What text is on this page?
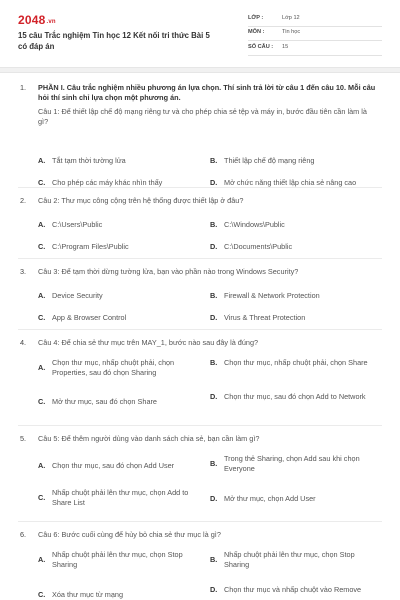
2048.vn
15 câu Trắc nghiệm Tin học 12 Kết nối tri thức Bài 5 có đáp án
LỚP :	Lớp 12
MÔN :	Tin học
SỐ CÂU :	15
1. PHẦN I. Câu trắc nghiệm nhiều phương án lựa chọn. Thí sinh trả lời từ câu 1 đến câu 10. Mỗi câu hỏi thí sinh chỉ lựa chọn một phương án.
Câu 1: Để thiết lập chế độ mạng riêng tư và cho phép chia sẻ tệp và máy in, bước đầu tiên cần làm là gì?
A. Tắt tạm thời tường lửa	B. Thiết lập chế độ mạng riêng
C. Cho phép các máy khác nhìn thấy	D. Mở chức năng thiết lập chia sẻ nâng cao
2. Câu 2: Thư mục công cộng trên hệ thống được thiết lập ở đâu?
A. C:\Users\Public	B. C:\Windows\Public
C. C:\Program Files\Public	D. C:\Documents\Public
3. Câu 3: Để tạm thời dừng tường lửa, bạn vào phần nào trong Windows Security?
A. Device Security	B. Firewall & Network Protection
C. App & Browser Control	D. Virus & Threat Protection
4. Câu 4: Để chia sẻ thư mục trên MAY_1, bước nào sau đây là đúng?
A.
Chọn thư mục, nhấp chuột phải, chọn Properties, sau đó chọn Sharing
B. Chọn thư mục, nhấp chuột phải, chọn Share
C. Mở thư mục, sau đó chọn Share
D. Chọn thư mục, sau đó chọn Add to Network
5. Câu 5: Để thêm người dùng vào danh sách chia sẻ, bạn cần làm gì?
A. Chọn thư mục, sau đó chọn Add User	B.
Trong thẻ Sharing, chọn Add sau khi chọn Everyone
C.
Nhấp chuột phải lên thư mục, chọn Add to Share List	D. Mở thư mục, chọn Add User
6. Câu 6: Bước cuối cùng để hủy bỏ chia sẻ thư mục là gì?
A.
Nhấp chuột phải lên thư mục, chọn Stop Sharing
B.
Nhấp chuột phải lên thư mục, chọn Stop Sharing
C. Xóa thư mục từ mạng
D. Chọn thư mục và nhấp chuột vào Remove
